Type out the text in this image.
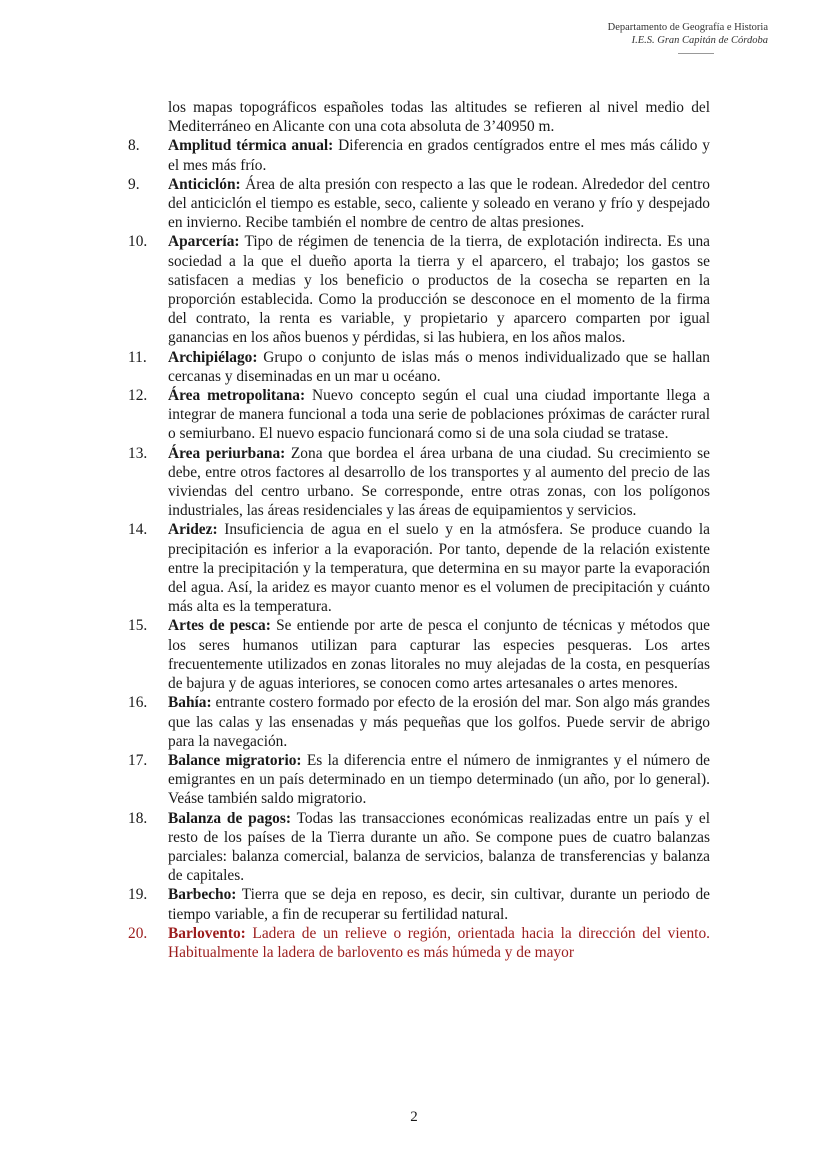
Departamento de Geografía e Historia
I.E.S. Gran Capitán de Córdoba
los mapas topográficos españoles todas las altitudes se refieren al nivel medio del Mediterráneo en Alicante con una cota absoluta de 3’40950 m.
8. Amplitud térmica anual: Diferencia en grados centígrados entre el mes más cálido y el mes más frío.
9. Anticiclón: Área de alta presión con respecto a las que le rodean. Alrededor del centro del anticiclón el tiempo es estable, seco, caliente y soleado en verano y frío y despejado en invierno. Recibe también el nombre de centro de altas presiones.
10. Aparcería: Tipo de régimen de tenencia de la tierra, de explotación indirecta. Es una sociedad a la que el dueño aporta la tierra y el aparcero, el trabajo; los gastos se satisfacen a medias y los beneficio o productos de la cosecha se reparten en la proporción establecida. Como la producción se desconoce en el momento de la firma del contrato, la renta es variable, y propietario y aparcero comparten por igual ganancias en los años buenos y pérdidas, si las hubiera, en los años malos.
11. Archipiélago: Grupo o conjunto de islas más o menos individualizado que se hallan cercanas y diseminadas en un mar u océano.
12. Área metropolitana: Nuevo concepto según el cual una ciudad importante llega a integrar de manera funcional a toda una serie de poblaciones próximas de carácter rural o semiurbano. El nuevo espacio funcionará como si de una sola ciudad se tratase.
13. Área periurbana: Zona que bordea el área urbana de una ciudad. Su crecimiento se debe, entre otros factores al desarrollo de los transportes y al aumento del precio de las viviendas del centro urbano. Se corresponde, entre otras zonas, con los polígonos industriales, las áreas residenciales y las áreas de equipamientos y servicios.
14. Aridez: Insuficiencia de agua en el suelo y en la atmósfera. Se produce cuando la precipitación es inferior a la evaporación. Por tanto, depende de la relación existente entre la precipitación y la temperatura, que determina en su mayor parte la evaporación del agua. Así, la aridez es mayor cuanto menor es el volumen de precipitación y cuánto más alta es la temperatura.
15. Artes de pesca: Se entiende por arte de pesca el conjunto de técnicas y métodos que los seres humanos utilizan para capturar las especies pesqueras. Los artes frecuentemente utilizados en zonas litorales no muy alejadas de la costa, en pesquerías de bajura y de aguas interiores, se conocen como artes artesanales o artes menores.
16. Bahía: entrante costero formado por efecto de la erosión del mar. Son algo más grandes que las calas y las ensenadas y más pequeñas que los golfos. Puede servir de abrigo para la navegación.
17. Balance migratorio: Es la diferencia entre el número de inmigrantes y el número de emigrantes en un país determinado en un tiempo determinado (un año, por lo general). Veáse también saldo migratorio.
18. Balanza de pagos: Todas las transacciones económicas realizadas entre un país y el resto de los países de la Tierra durante un año. Se compone pues de cuatro balanzas parciales: balanza comercial, balanza de servicios, balanza de transferencias y balanza de capitales.
19. Barbecho: Tierra que se deja en reposo, es decir, sin cultivar, durante un periodo de tiempo variable, a fin de recuperar su fertilidad natural.
20. Barlovento: Ladera de un relieve o región, orientada hacia la dirección del viento. Habitualmente la ladera de barlovento es más húmeda y de mayor
2
